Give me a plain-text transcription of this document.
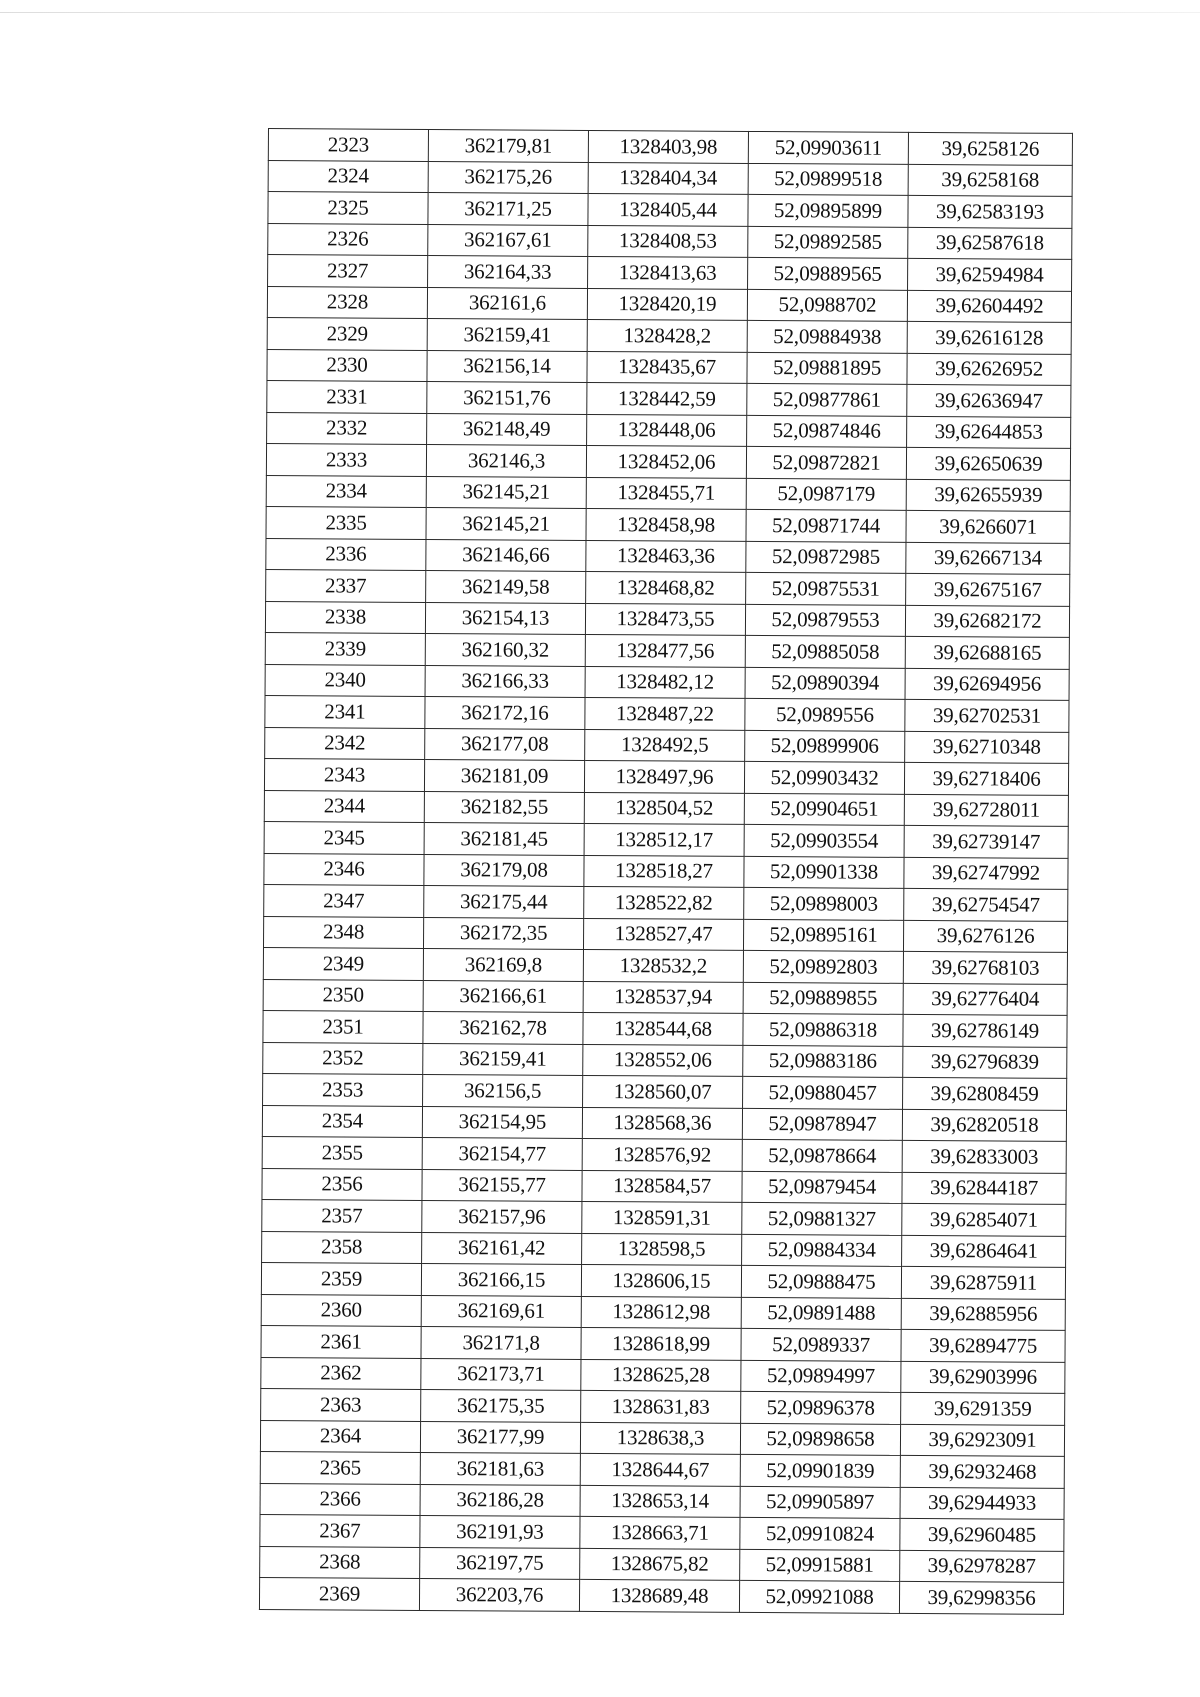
2323	362179,81	1328403,98	52,09903611	39,6258126
2324	362175,26	1328404,34	52,09899518	39,6258168
2325	362171,25	1328405,44	52,09895899	39,62583193
2326	362167,61	1328408,53	52,09892585	39,62587618
2327	362164,33	1328413,63	52,09889565	39,62594984
2328	362161,6	1328420,19	52,0988702	39,62604492
2329	362159,41	1328428,2	52,09884938	39,62616128
2330	362156,14	1328435,67	52,09881895	39,62626952
2331	362151,76	1328442,59	52,09877861	39,62636947
2332	362148,49	1328448,06	52,09874846	39,62644853
2333	362146,3	1328452,06	52,09872821	39,62650639
2334	362145,21	1328455,71	52,0987179	39,62655939
2335	362145,21	1328458,98	52,09871744	39,6266071
2336	362146,66	1328463,36	52,09872985	39,62667134
2337	362149,58	1328468,82	52,09875531	39,62675167
2338	362154,13	1328473,55	52,09879553	39,62682172
2339	362160,32	1328477,56	52,09885058	39,62688165
2340	362166,33	1328482,12	52,09890394	39,62694956
2341	362172,16	1328487,22	52,0989556	39,62702531
2342	362177,08	1328492,5	52,09899906	39,62710348
2343	362181,09	1328497,96	52,09903432	39,62718406
2344	362182,55	1328504,52	52,09904651	39,62728011
2345	362181,45	1328512,17	52,09903554	39,62739147
2346	362179,08	1328518,27	52,09901338	39,62747992
2347	362175,44	1328522,82	52,09898003	39,62754547
2348	362172,35	1328527,47	52,09895161	39,6276126
2349	362169,8	1328532,2	52,09892803	39,62768103
2350	362166,61	1328537,94	52,09889855	39,62776404
2351	362162,78	1328544,68	52,09886318	39,62786149
2352	362159,41	1328552,06	52,09883186	39,62796839
2353	362156,5	1328560,07	52,09880457	39,62808459
2354	362154,95	1328568,36	52,09878947	39,62820518
2355	362154,77	1328576,92	52,09878664	39,62833003
2356	362155,77	1328584,57	52,09879454	39,62844187
2357	362157,96	1328591,31	52,09881327	39,62854071
2358	362161,42	1328598,5	52,09884334	39,62864641
2359	362166,15	1328606,15	52,09888475	39,62875911
2360	362169,61	1328612,98	52,09891488	39,62885956
2361	362171,8	1328618,99	52,0989337	39,62894775
2362	362173,71	1328625,28	52,09894997	39,62903996
2363	362175,35	1328631,83	52,09896378	39,6291359
2364	362177,99	1328638,3	52,09898658	39,62923091
2365	362181,63	1328644,67	52,09901839	39,62932468
2366	362186,28	1328653,14	52,09905897	39,62944933
2367	362191,93	1328663,71	52,09910824	39,62960485
2368	362197,75	1328675,82	52,09915881	39,62978287
2369	362203,76	1328689,48	52,09921088	39,62998356
